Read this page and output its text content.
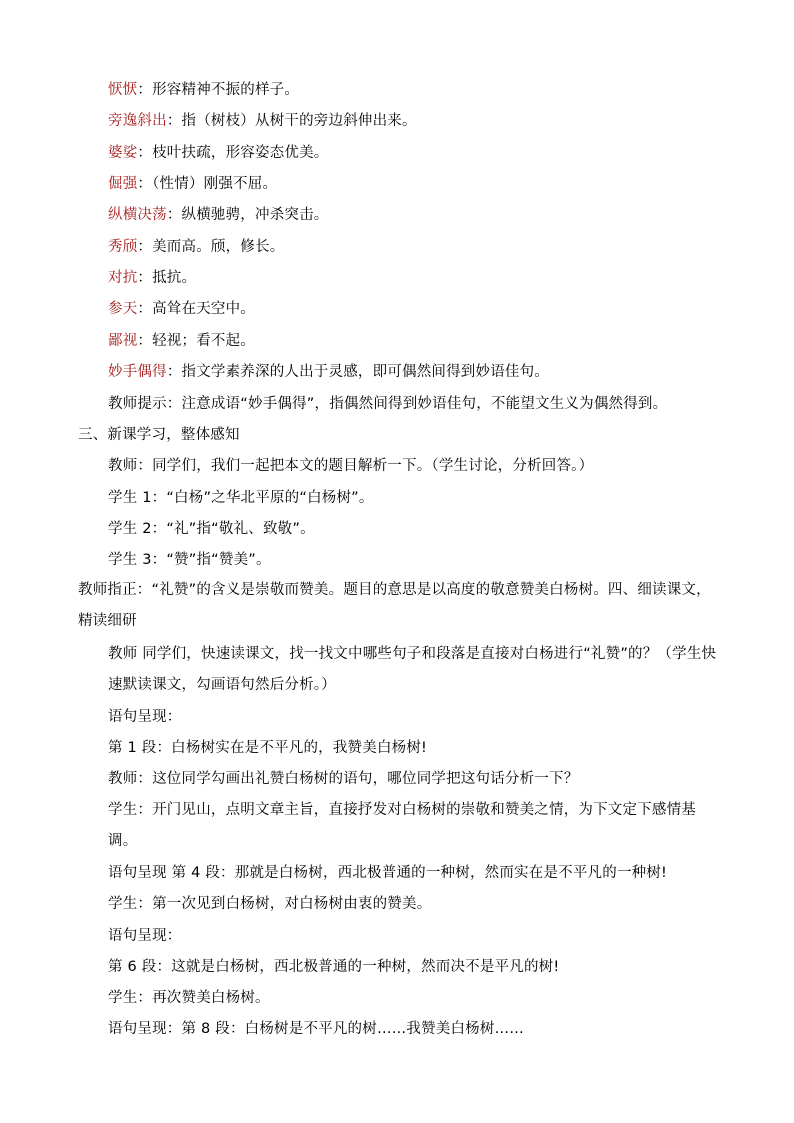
恹恹：形容精神不振的样子。
旁逸斜出：指（树枝）从树干的旁边斜伸出来。
婆娑：枝叶扶疏，形容姿态优美。
倔强：（性情）刚强不屈。
纵横决荡：纵横驰骋，冲杀突击。
秀颀：美而高。颀，修长。
对抗：抵抗。
参天：高耸在天空中。
鄙视：轻视；看不起。
妙手偶得：指文学素养深的人出于灵感，即可偶然间得到妙语佳句。
教师提示：注意成语“妙手偶得”，指偶然间得到妙语佳句，不能望文生义为偶然得到。
三、新课学习，整体感知
教师：同学们，我们一起把本文的题目解析一下。（学生讨论，分析回答。）
学生 1：“白杨”之华北平原的“白杨树”。
学生 2：“礼”指“敬礼、致敬”。
学生 3：“赞”指“赞美”。
教师指正：“礼赞”的含义是崇敬而赞美。题目的意思是以高度的敬意赞美白杨树。四、细读课文，精读细研
教师 同学们，快速读课文，找一找文中哪些句子和段落是直接对白杨进行“礼赞”的？（学生快速默读课文，勾画语句然后分析。）
语句呈现：
第 1 段：白杨树实在是不平凡的，我赞美白杨树!
教师：这位同学勾画出礼赞白杨树的语句，哪位同学把这句话分析一下？
学生：开门见山，点明文章主旨，直接抒发对白杨树的崇敬和赞美之情，为下文定下感情基调。
语句呈现 第 4 段：那就是白杨树，西北极普通的一种树，然而实在是不平凡的一种树!
学生：第一次见到白杨树，对白杨树由衷的赞美。
语句呈现：
第 6 段：这就是白杨树，西北极普通的一种树，然而决不是平凡的树!
学生：再次赞美白杨树。
语句呈现：第 8 段：白杨树是不平凡的树……我赞美白杨树……
